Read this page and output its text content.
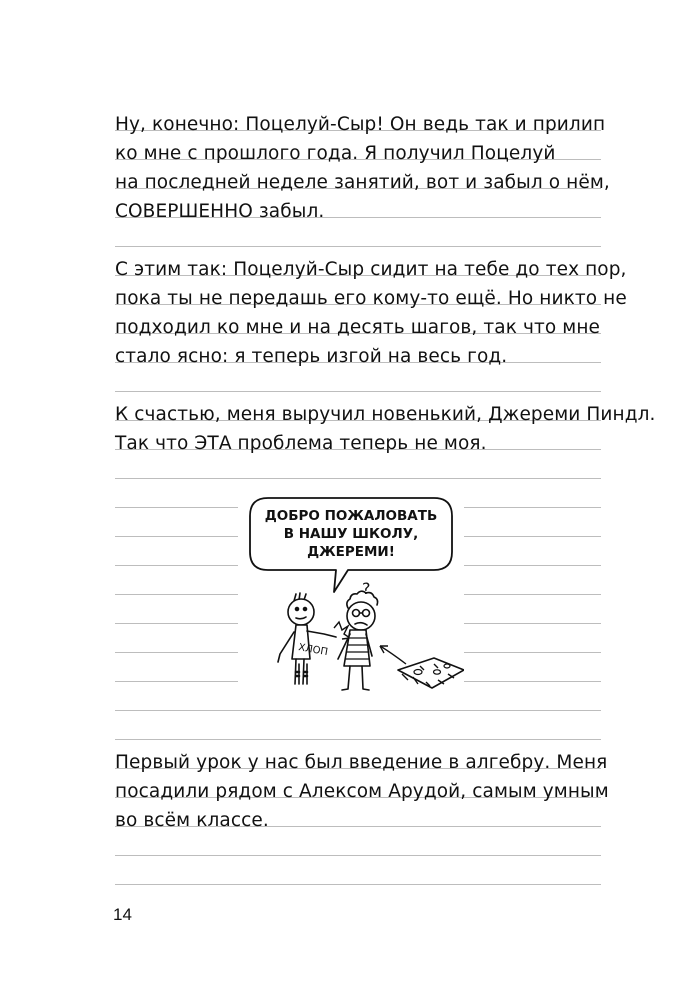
Ну, конечно: Поцелуй-Сыр! Он ведь так и прилип
ко мне с прошлого года. Я получил Поцелуй
на последней неделе занятий, вот и забыл о нём,
СОВЕРШЕННО забыл.
С этим так: Поцелуй-Сыр сидит на тебе до тех пор,
пока ты не передашь его кому-то ещё. Но никто не
подходил ко мне и на десять шагов, так что мне
стало ясно: я теперь изгой на весь год.
К счастью, меня выручил новенький, Джереми Пиндл.
Так что ЭТА проблема теперь не моя.
ДОБРО ПОЖАЛОВАТЬ
В НАШУ ШКОЛУ,
ДЖЕРЕМИ!
?
ХЛОП
Первый урок у нас был введение в алгебру. Меня
посадили рядом с Алексом Арудой, самым умным
во всём классе.
14
